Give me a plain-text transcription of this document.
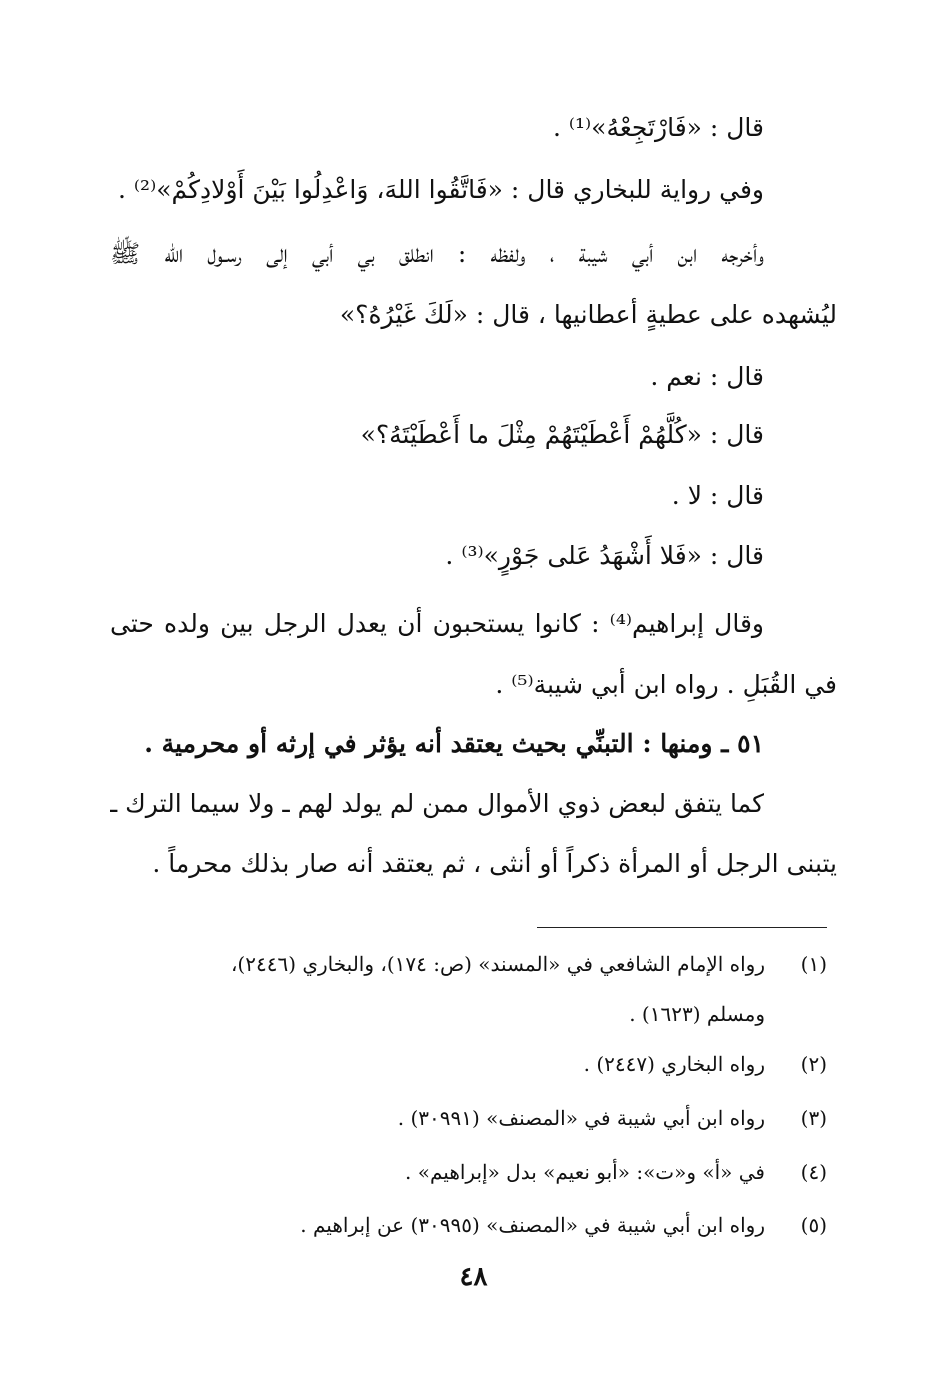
قال : «فَارْتَجِعْهُ»⁽¹⁾ .
وفي رواية للبخاري قال : «فَاتَّقُوا اللهَ، وَاعْدِلُوا بَيْنَ أَوْلادِكُمْ»⁽²⁾ .
وأخرجه ابن أبي شيبة ، ولفظه : انطلق بي أبي إلى رسـول الله ﷺ
ليُشهده على عطيةٍ أعطانيها ، قال : «لَكَ غَيْرُهُ؟»
قال : نعم .
قال : «كُلَّهُمْ أَعْطَيْتَهُمْ مِثْلَ ما أَعْطَيْتَهُ؟»
قال : لا .
قال : «فَلا أَشْهَدُ عَلى جَوْرٍ»⁽³⁾ .
وقال إبراهيم⁽⁴⁾ : كانوا يستحبون أن يعدل الرجل بين ولده حتى
في القُبَلِ . رواه ابن أبي شيبة⁽⁵⁾ .
٥١ ـ ومنها : التبنِّي بحيث يعتقد أنه يؤثر في إرثه أو محرمية .
كما يتفق لبعض ذوي الأموال ممن لم يولد لهم ـ ولا سيما الترك ـ
يتبنى الرجل أو المرأة ذكراً أو أنثى ، ثم يعتقد أنه صار بذلك محرماً .
(١)رواه الإمام الشافعي في «المسند» (ص: ١٧٤)، والبخاري (٢٤٤٦)،
ومسلم (١٦٢٣) .
(٢)رواه البخاري (٢٤٤٧) .
(٣)رواه ابن أبي شيبة في «المصنف» (٣٠٩٩١) .
(٤)في «أ» و«ت»: «أبو نعيم» بدل «إبراهيم» .
(٥)رواه ابن أبي شيبة في «المصنف» (٣٠٩٩٥) عن إبراهيم .
٤٨
